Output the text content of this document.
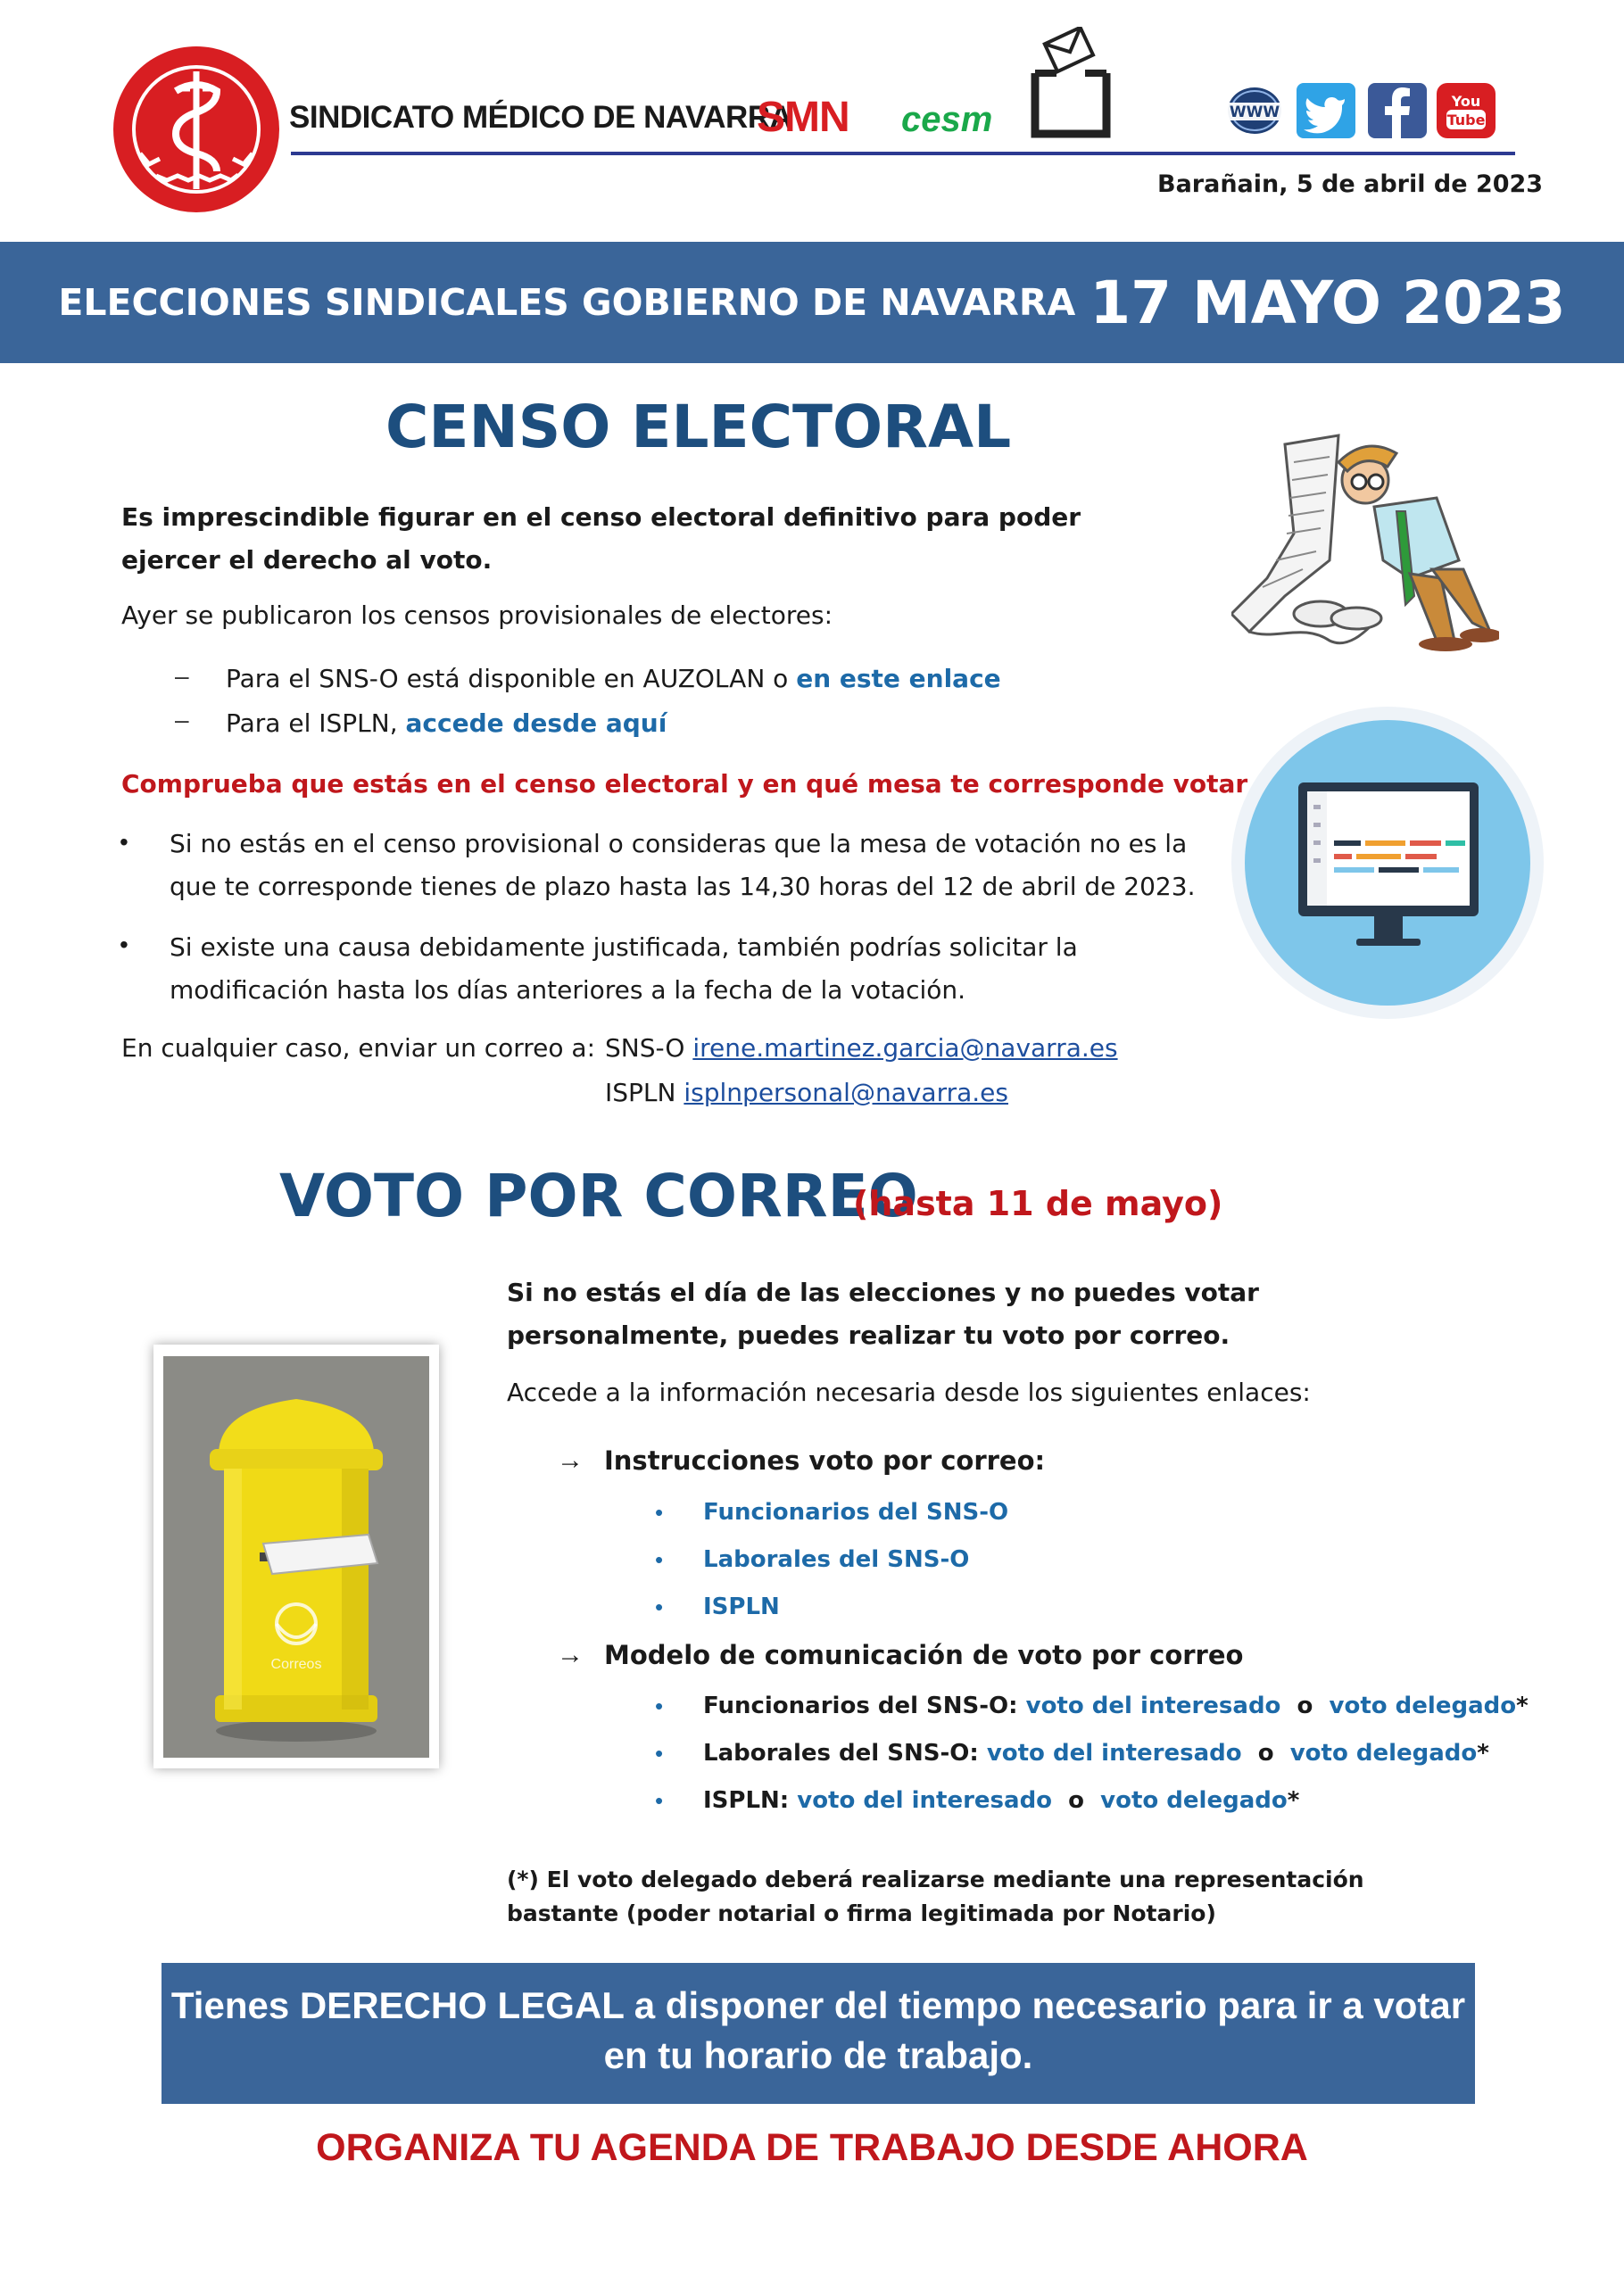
SINDICATO MÉDICO DE NAVARRA
SMN cesm	WWW
You
Tube
Barañain, 5 de abril de 2023
ELECCIONES SINDICALES GOBIERNO DE NAVARRA 17 MAYO 2023
CENSO ELECTORAL
Es imprescindible figurar en el censo electoral definitivo para poder ejercer el derecho al voto.
Ayer se publicaron los censos provisionales de electores:
–
–
Para el SNS-O está disponible en AUZOLAN o en este enlace
Para el ISPLN, accede desde aquí
Comprueba que estás en el censo electoral y en qué mesa te corresponde votar
• Si no estás en el censo provisional o consideras que la mesa de votación no es la que te corresponde tienes de plazo hasta las 14,30 horas del 12 de abril de 2023.
• Si existe una causa debidamente justificada, también podrías solicitar la modificación hasta los días anteriores a la fecha de la votación.
En cualquier caso, enviar un correo a: SNS-O irene.martinez.garcia@navarra.es
ISPLN isplnpersonal@navarra.es
VOTO POR CORREO
(hasta 11 de mayo)
Correos
Si no estás el día de las elecciones y no puedes votar personalmente, puedes realizar tu voto por correo.
Accede a la información necesaria desde los siguientes enlaces:
→ Instrucciones voto por correo:
• Funcionarios del SNS-O
• Laborales del SNS-O
• ISPLN
→ Modelo de comunicación de voto por correo
• Funcionarios del SNS-O: voto del interesado o voto delegado*
• Laborales del SNS-O: voto del interesado o voto delegado*
• ISPLN: voto del interesado o voto delegado*
(*) El voto delegado deberá realizarse mediante una representación bastante (poder notarial o firma legitimada por Notario)
Tienes DERECHO LEGAL a disponer del tiempo necesario para ir a votar en tu horario de trabajo.
ORGANIZA TU AGENDA DE TRABAJO DESDE AHORA
